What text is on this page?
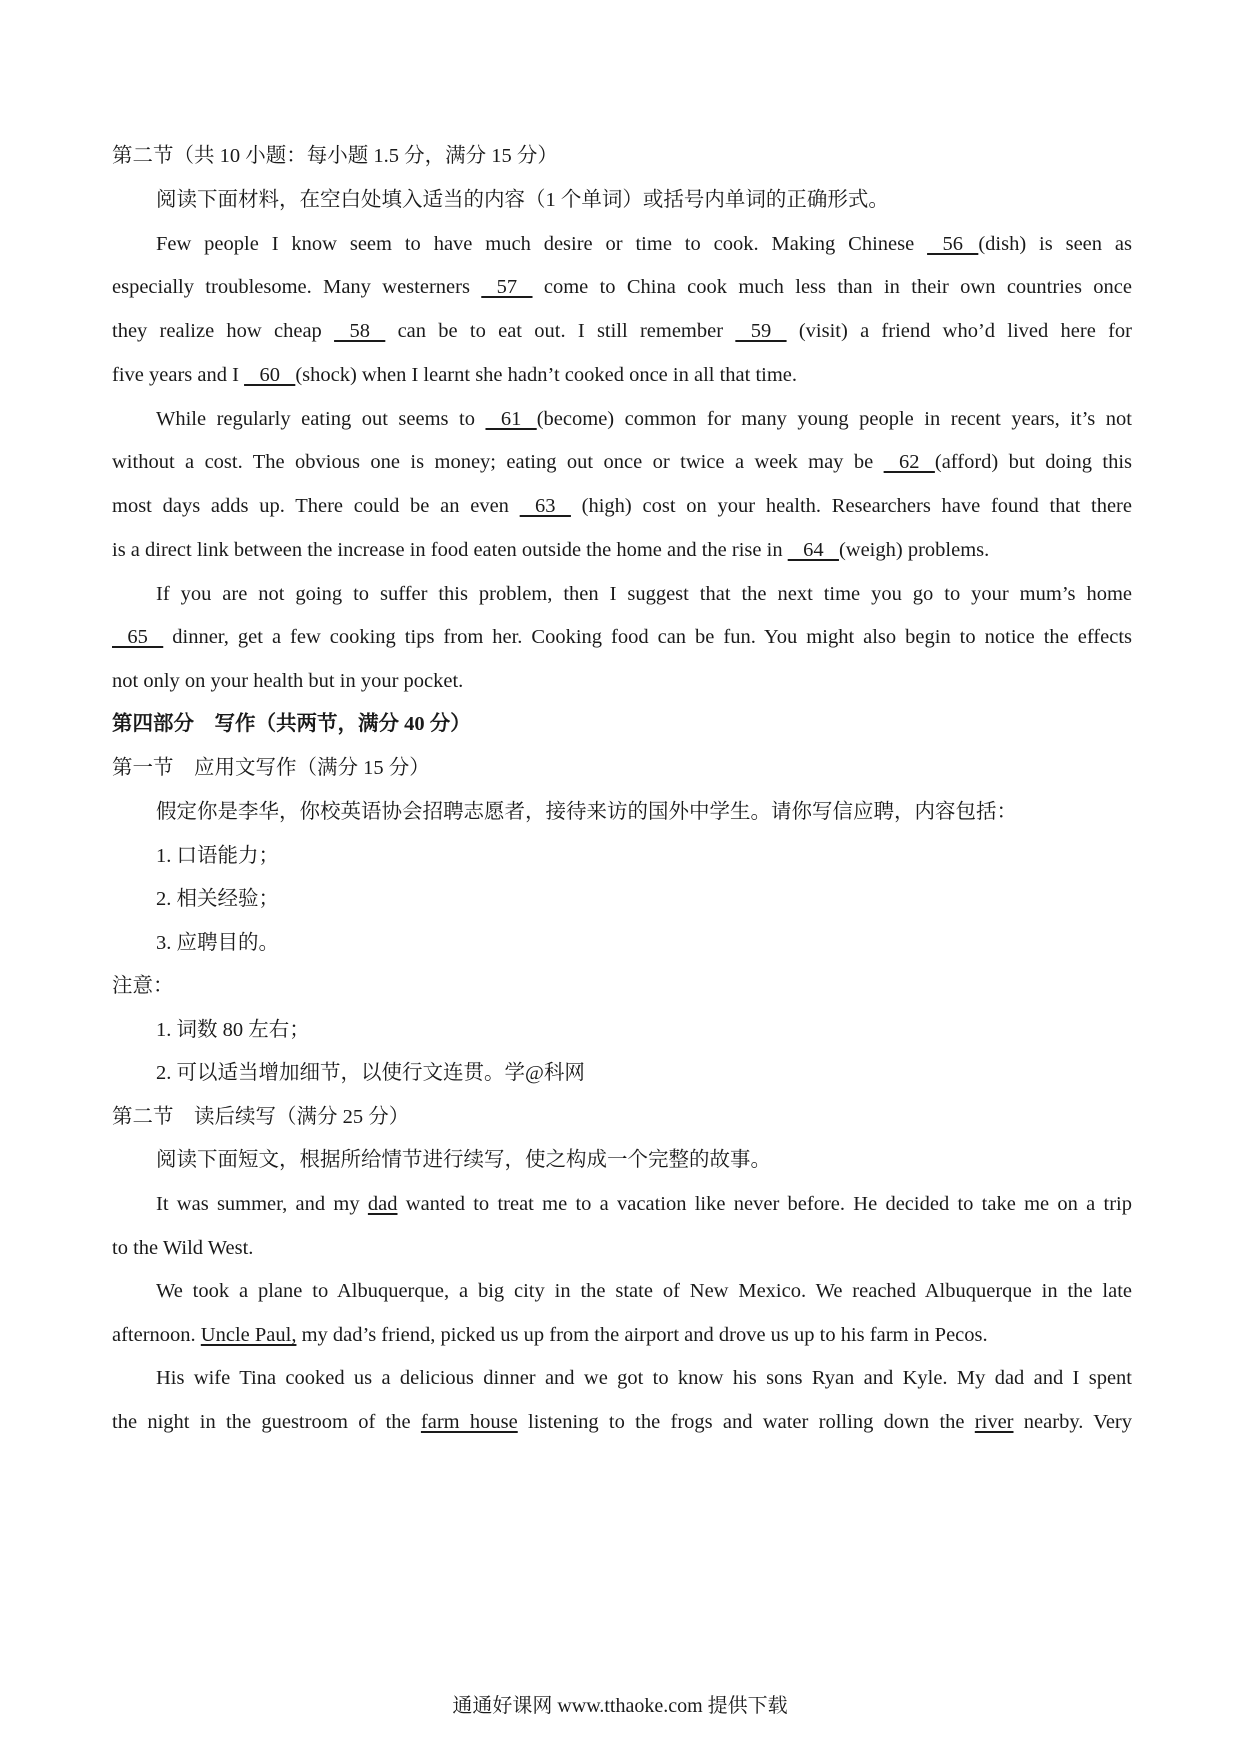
第二节（共 10 小题：每小题 1.5 分，满分 15 分）
阅读下面材料，在空白处填入适当的内容（1 个单词）或括号内单词的正确形式。
Few people I know seem to have much desire or time to cook. Making Chinese    56   (dish) is seen as
especially troublesome. Many westerners    57    come to China cook much less than in their own countries once
they realize how cheap    58    can be to eat out. I still remember    59    (visit) a friend who’d lived here for
five years and I    60   (shock) when I learnt she hadn’t cooked once in all that time.
While regularly eating out seems to    61   (become) common for many young people in recent years, it’s not
without a cost. The obvious one is money; eating out once or twice a week may be    62   (afford) but doing this
most days adds up. There could be an even    63    (high) cost on your health. Researchers have found that there
is a direct link between the increase in food eaten outside the home and the rise in    64   (weigh) problems.
If you are not going to suffer this problem, then I suggest that the next time you go to your mum’s home
65    dinner, get a few cooking tips from her. Cooking food can be fun. You might also begin to notice the effects
not only on your health but in your pocket.
第四部分　写作（共两节，满分 40 分）
第一节　应用文写作（满分 15 分）
假定你是李华，你校英语协会招聘志愿者，接待来访的国外中学生。请你写信应聘，内容包括：
1. 口语能力；
2. 相关经验；
3. 应聘目的。
注意：
1. 词数 80 左右；
2. 可以适当增加细节，以使行文连贯。学@科网
第二节　读后续写（满分 25 分）
阅读下面短文，根据所给情节进行续写，使之构成一个完整的故事。
It was summer, and my dad wanted to treat me to a vacation like never before. He decided to take me on a trip
to the Wild West.
We took a plane to Albuquerque, a big city in the state of New Mexico. We reached Albuquerque in the late
afternoon. Uncle Paul, my dad’s friend, picked us up from the airport and drove us up to his farm in Pecos.
His wife Tina cooked us a delicious dinner and we got to know his sons Ryan and Kyle. My dad and I spent
the night in the guestroom of the farm house listening to the frogs and water rolling down the river nearby. Very
通通好课网 www.tthaoke.com 提供下载
